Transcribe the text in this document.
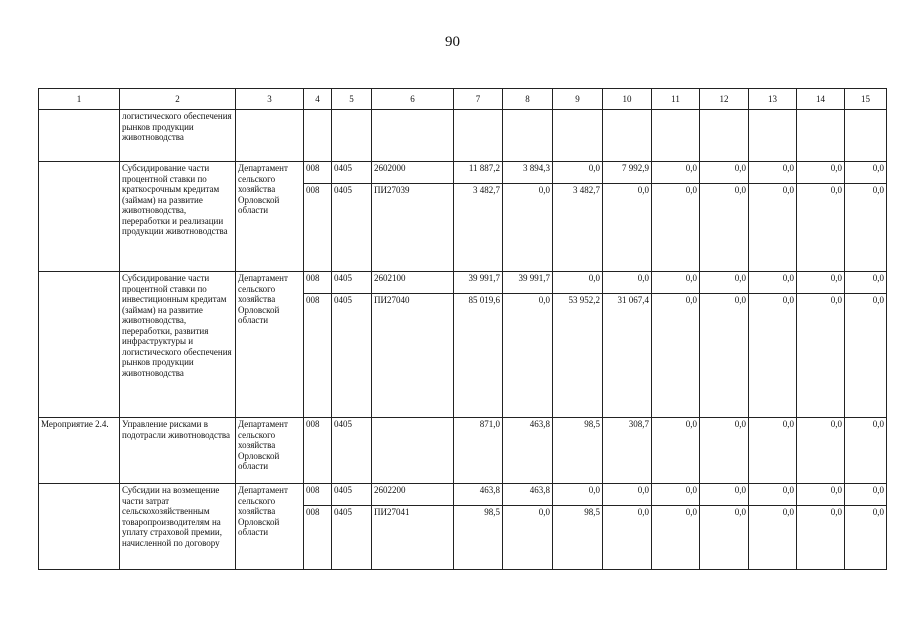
90
1	2	3	4	5	6	7	8	9	10	11	12	13	14	15
	логистического обеспечения рынков продукции животноводства													
	Субсидирование части процентной ставки по краткосрочным кредитам (займам) на развитие животноводства, переработки и реализации продукции животноводства	Департамент сельского хозяйства Орловской области	008	0405	2602000	11 887,2	3 894,3	0,0	7 992,9	0,0	0,0	0,0	0,0	0,0
			008	0405	ПИ27039	3 482,7	0,0	3 482,7	0,0	0,0	0,0	0,0	0,0	0,0
	Субсидирование части процентной ставки по инвестиционным кредитам (займам) на развитие животноводства, переработки, развития инфраструктуры и логистического обеспечения рынков продукции животноводства	Департамент сельского хозяйства Орловской области	008	0405	2602100	39 991,7	39 991,7	0,0	0,0	0,0	0,0	0,0	0,0	0,0
			008	0405	ПИ27040	85 019,6	0,0	53 952,2	31 067,4	0,0	0,0	0,0	0,0	0,0
Мероприятие 2.4.	Управление рисками в подотрасли животноводства	Департамент сельского хозяйства Орловской области	008	0405		871,0	463,8	98,5	308,7	0,0	0,0	0,0	0,0	0,0
	Субсидии на возмещение части затрат сельскохозяйственным товаропроизводителям на уплату страховой премии, начисленной по договору	Департамент сельского хозяйства Орловской области	008	0405	2602200	463,8	463,8	0,0	0,0	0,0	0,0	0,0	0,0	0,0
			008	0405	ПИ27041	98,5	0,0	98,5	0,0	0,0	0,0	0,0	0,0	0,0
